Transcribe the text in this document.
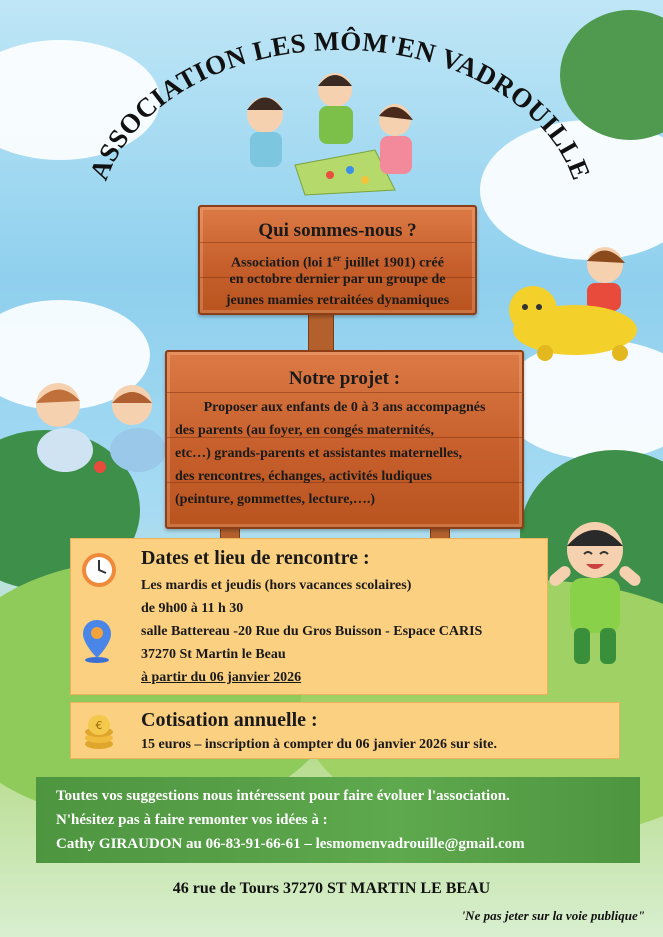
ASSOCIATION LES MÔM'EN VADROUILLE
Qui sommes-nous ?

Association (loi 1er juillet 1901) créé

en octobre dernier par un groupe de

jeunes mamies retraitées dynamiques

Notre projet :

Proposer aux enfants de 0 à 3 ans accompagnés

des parents (au foyer, en congés maternités,

etc…) grands-parents et assistantes maternelles,

des rencontres, échanges, activités ludiques

(peinture, gommettes, lecture,….)

Dates et lieu de rencontre :
Les mardis et jeudis (hors vacances scolaires)
de 9h00 à 11 h 30
salle Battereau -20 Rue du Gros Buisson - Espace CARIS
37270 St Martin le Beau
à partir du 06 janvier 2026
Cotisation annuelle :
15 euros – inscription à compter du 06 janvier 2026 sur site.
€
Toutes vos suggestions nous intéressent pour faire évoluer l'association.
N'hésitez pas à faire remonter vos idées à :
Cathy GIRAUDON au 06-83-91-66-61 – lesmomenvadrouille@gmail.com
46 rue de Tours 37270 ST MARTIN LE BEAU
'Ne pas jeter sur la voie publique"
